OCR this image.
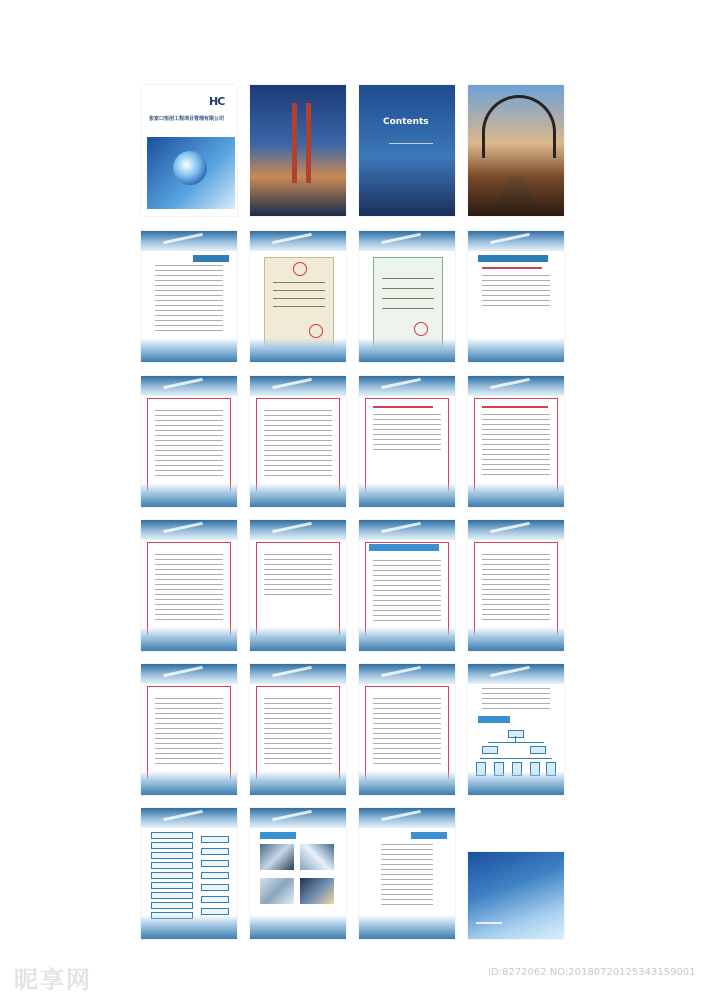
HC
张家口恒创工程项目管理有限公司	Contents
昵享网	ID:8272062 NO:20180720125343159001
